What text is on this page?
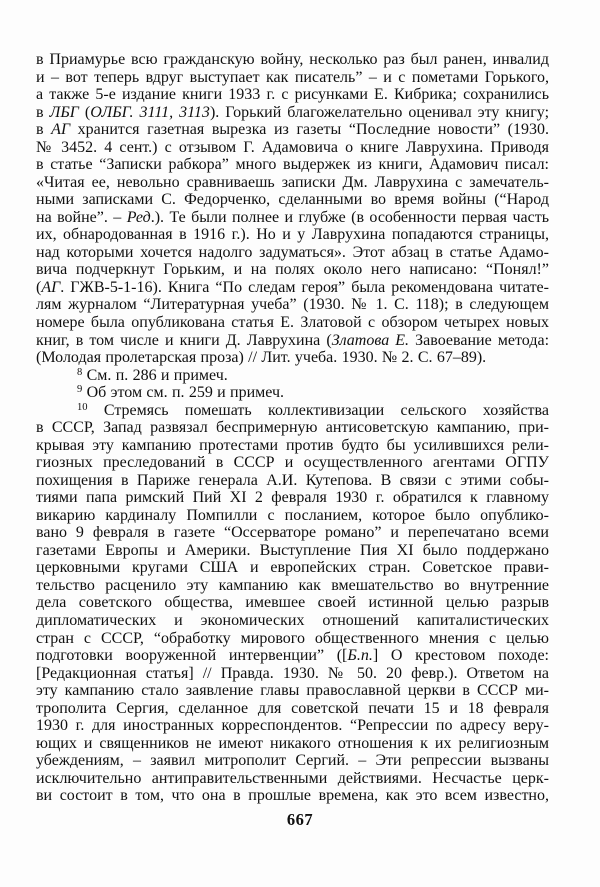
в Приамурье всю гражданскую войну, несколько раз был ранен, инвалид
и – вот теперь вдруг выступает как писатель” – и с пометами Горького,
а также 5-е издание книги 1933 г. с рисунками Е. Кибрика; сохранились
в ЛБГ (ОЛБГ. 3111, 3113). Горький благожелательно оценивал эту книгу;
в АГ хранится газетная вырезка из газеты “Последние новости” (1930.
№ 3452. 4 сент.) с отзывом Г. Адамовича о книге Лаврухина. Приводя
в статье “Записки рабкора” много выдержек из книги, Адамович писал:
«Читая ее, невольно сравниваешь записки Дм. Лаврухина с замечатель-
ными записками С. Федорченко, сделанными во время войны (“Народ
на войне”. – Ред.). Те были полнее и глубже (в особенности первая часть
их, обнародованная в 1916 г.). Но и у Лаврухина попадаются страницы,
над которыми хочется надолго задуматься». Этот абзац в статье Адамо-
вича подчеркнут Горьким, и на полях около него написано: “Понял!”
(АГ. ГЖВ-5-1-16). Книга “По следам героя” была рекомендована читате-
лям журналом “Литературная учеба” (1930. № 1. С. 118); в следующем
номере была опубликована статья Е. Златовой с обзором четырех новых
книг, в том числе и книги Д. Лаврухина (Златова Е. Завоевание метода:
(Молодая пролетарская проза) // Лит. учеба. 1930. № 2. С. 67–89).
$^8$ См. п. 286 и примеч.
$^9$ Об этом см. п. 259 и примеч.
$^{10}$ Стремясь помешать коллективизации сельского хозяйства
в СССР, Запад развязал беспримерную антисоветскую кампанию, при-
крывая эту кампанию протестами против будто бы усилившихся рели-
гиозных преследований в СССР и осуществленного агентами ОГПУ
похищения в Париже генерала А.И. Кутепова. В связи с этими собы-
тиями папа римский Пий XI 2 февраля 1930 г. обратился к главному
викарию кардиналу Помпилли с посланием, которое было опублико-
вано 9 февраля в газете “Оссерваторе романо” и перепечатано всеми
газетами Европы и Америки. Выступление Пия XI было поддержано
церковными кругами США и европейских стран. Советское прави-
тельство расценило эту кампанию как вмешательство во внутренние
дела советского общества, имевшее своей истинной целью разрыв
дипломатических и экономических отношений капиталистических
стран с СССР, “обработку мирового общественного мнения с целью
подготовки вооруженной интервенции” ([Б.п.] О крестовом походе:
[Редакционная статья] // Правда. 1930. № 50. 20 февр.). Ответом на
эту кампанию стало заявление главы православной церкви в СССР ми-
трополита Сергия, сделанное для советской печати 15 и 18 февраля
1930 г. для иностранных корреспондентов. “Репрессии по адресу веру-
ющих и священников не имеют никакого отношения к их религиозным
убеждениям, – заявил митрополит Сергий. – Эти репрессии вызваны
исключительно антиправительственными действиями. Несчастье церк-
ви состоит в том, что она в прошлые времена, как это всем известно,
667
